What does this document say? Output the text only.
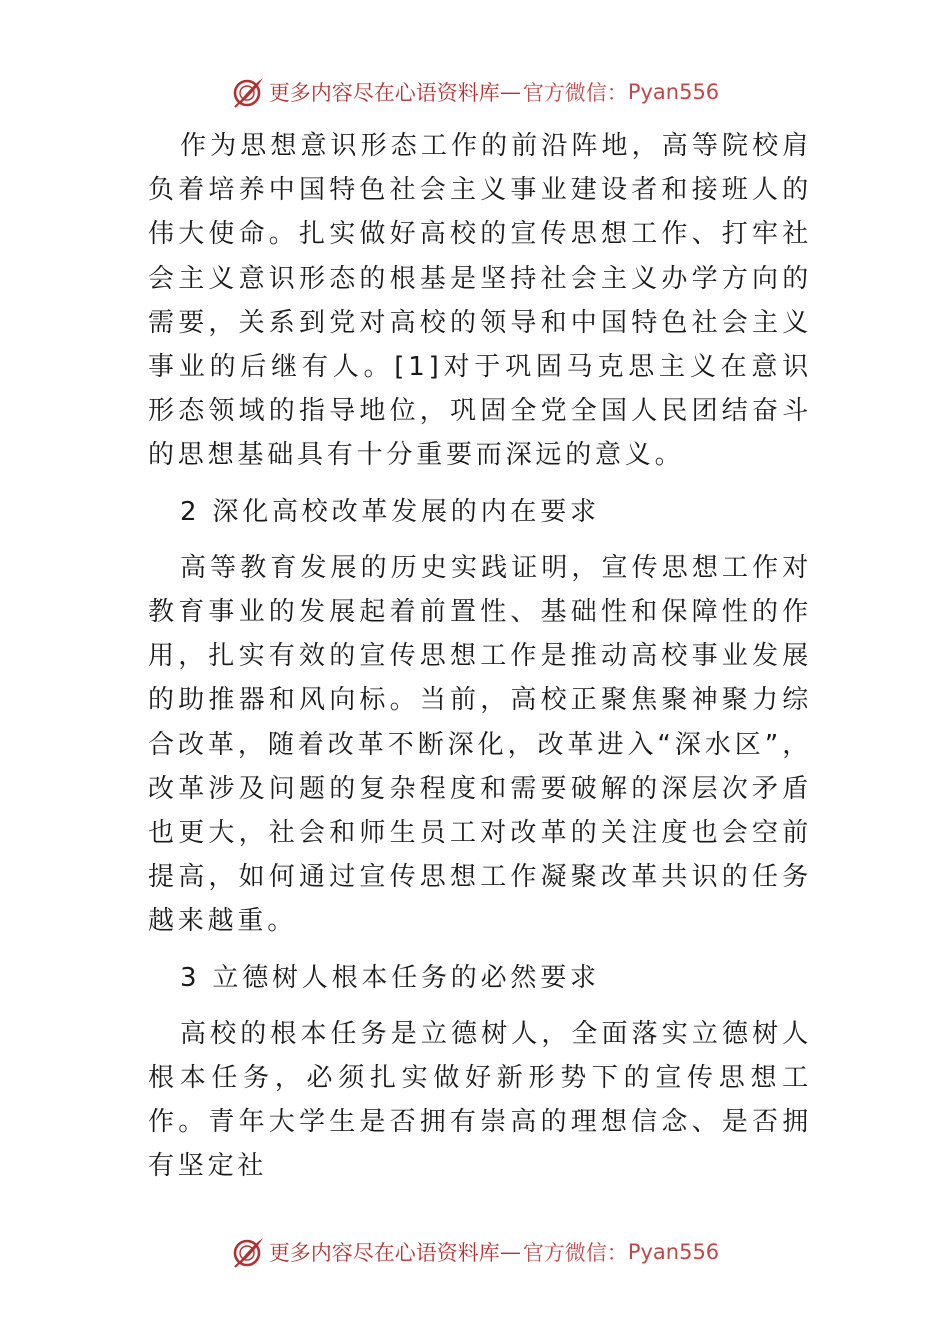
更多内容尽在心语资料库 — 官方微信： Pyan556

作为思想意识形态工作的前沿阵地，高等院校肩负着培养中国特色社会主义事业建设者和接班人的伟大使命。扎实做好高校的宣传思想工作、打牢社会主义意识形态的根基是坚持社会主义办学方向的需要，关系到党对高校的领导和中国特色社会主义事业的后继有人。[1]对于巩固马克思主义在意识形态领域的指导地位，巩固全党全国人民团结奋斗的思想基础具有十分重要而深远的意义。

2 深化高校改革发展的内在要求

高等教育发展的历史实践证明，宣传思想工作对教育事业的发展起着前置性、基础性和保障性的作用，扎实有效的宣传思想工作是推动高校事业发展的助推器和风向标。当前，高校正聚焦聚神聚力综合改革，随着改革不断深化，改革进入“深水区”，改革涉及问题的复杂程度和需要破解的深层次矛盾也更大，社会和师生员工对改革的关注度也会空前提高，如何通过宣传思想工作凝聚改革共识的任务越来越重。

3 立德树人根本任务的必然要求

高校的根本任务是立德树人，全面落实立德树人根本任务，必须扎实做好新形势下的宣传思想工作。青年大学生是否拥有崇高的理想信念、是否拥有坚定社

更多内容尽在心语资料库 — 官方微信： Pyan556
